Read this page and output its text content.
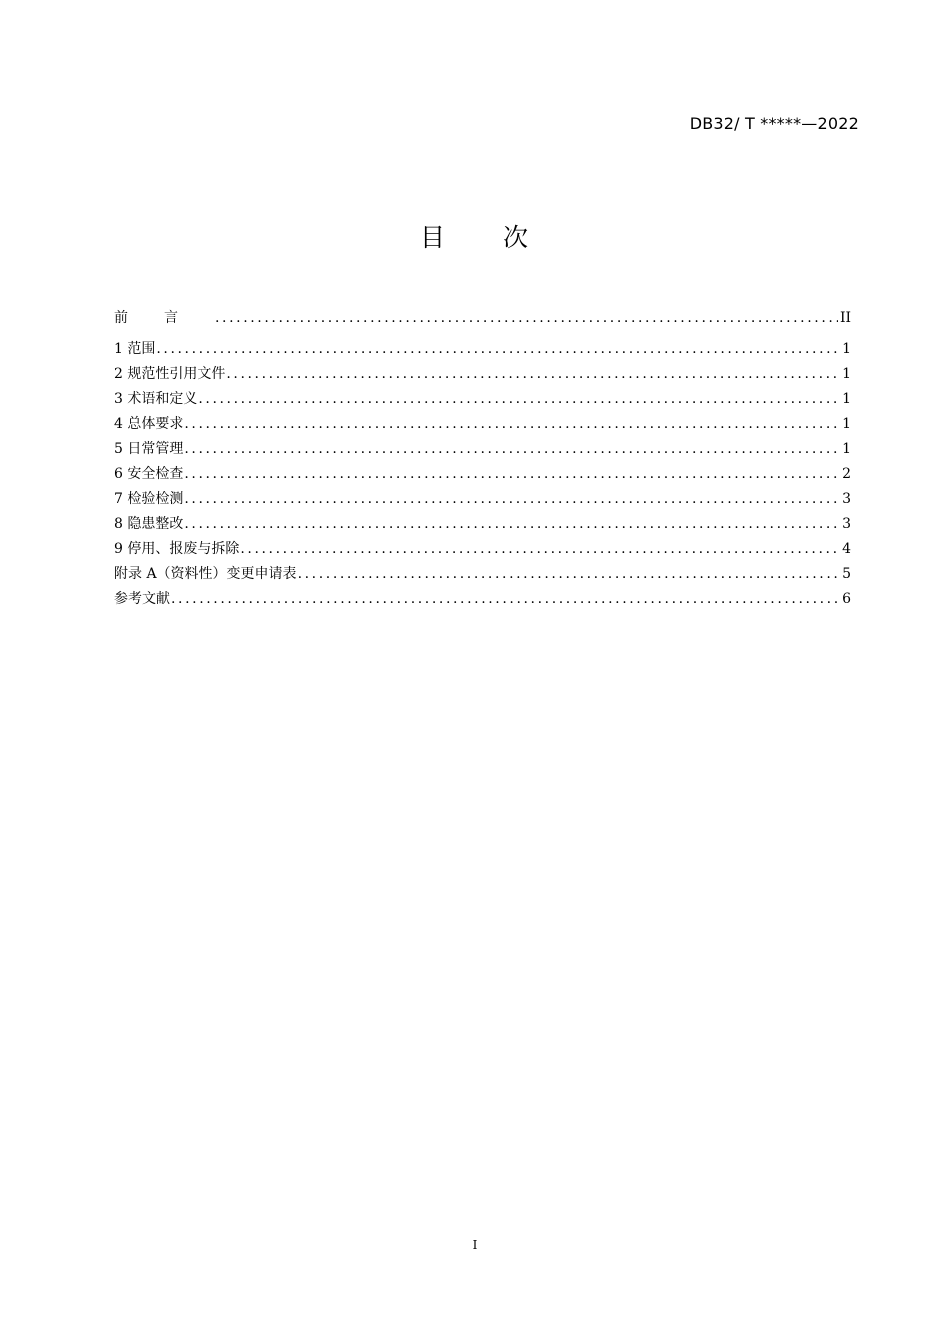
DB32/ T *****—2022
目 次
前言 .....	II
1 范围 .....	1
2 规范性引用文件 .....	1
3 术语和定义 .....	1
4 总体要求 .....	1
5 日常管理 .....	1
6 安全检查 .....	2
7 检验检测 .....	3
8 隐患整改 .....	3
9 停用、报废与拆除 .....	4
附录 A（资料性）变更申请表 .....	5
参考文献 .....	6
I
